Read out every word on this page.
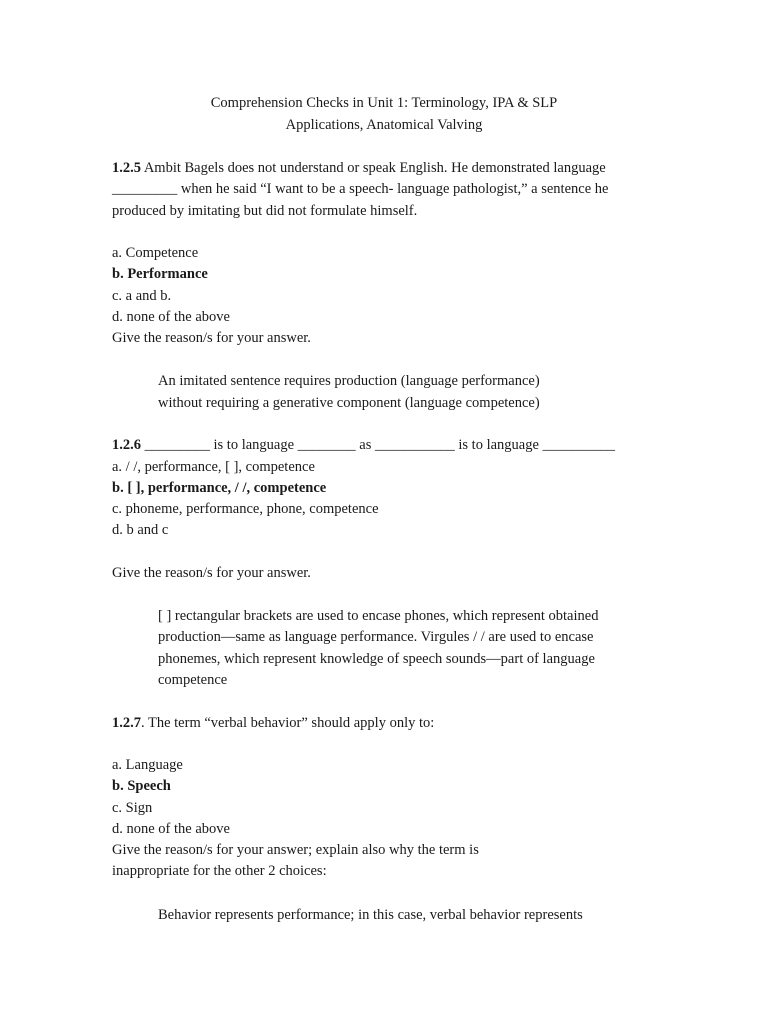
Comprehension Checks in Unit 1: Terminology, IPA & SLP
Applications, Anatomical Valving
1.2.5 Ambit Bagels does not understand or speak English. He demonstrated language
_________ when he said “I want to be a speech- language pathologist,” a sentence he
produced by imitating but did not formulate himself.
a. Competence
b. Performance
c. a and b.
d. none of the above
Give the reason/s for your answer.
An imitated sentence requires production (language performance)
without requiring a generative component (language competence)
1.2.6 _________ is to language ________ as ___________ is to language __________
a. / /, performance, [ ], competence
b. [ ], performance, / /, competence
c. phoneme, performance, phone, competence
d. b and c
Give the reason/s for your answer.
[ ] rectangular brackets are used to encase phones, which represent obtained
production—same as language performance. Virgules / / are used to encase
phonemes, which represent knowledge of speech sounds—part of language
competence
1.2.7. The term “verbal behavior” should apply only to:
a. Language
b. Speech
c. Sign
d. none of the above
Give the reason/s for your answer; explain also why the term is
inappropriate for the other 2 choices:
Behavior represents performance; in this case, verbal behavior represents
